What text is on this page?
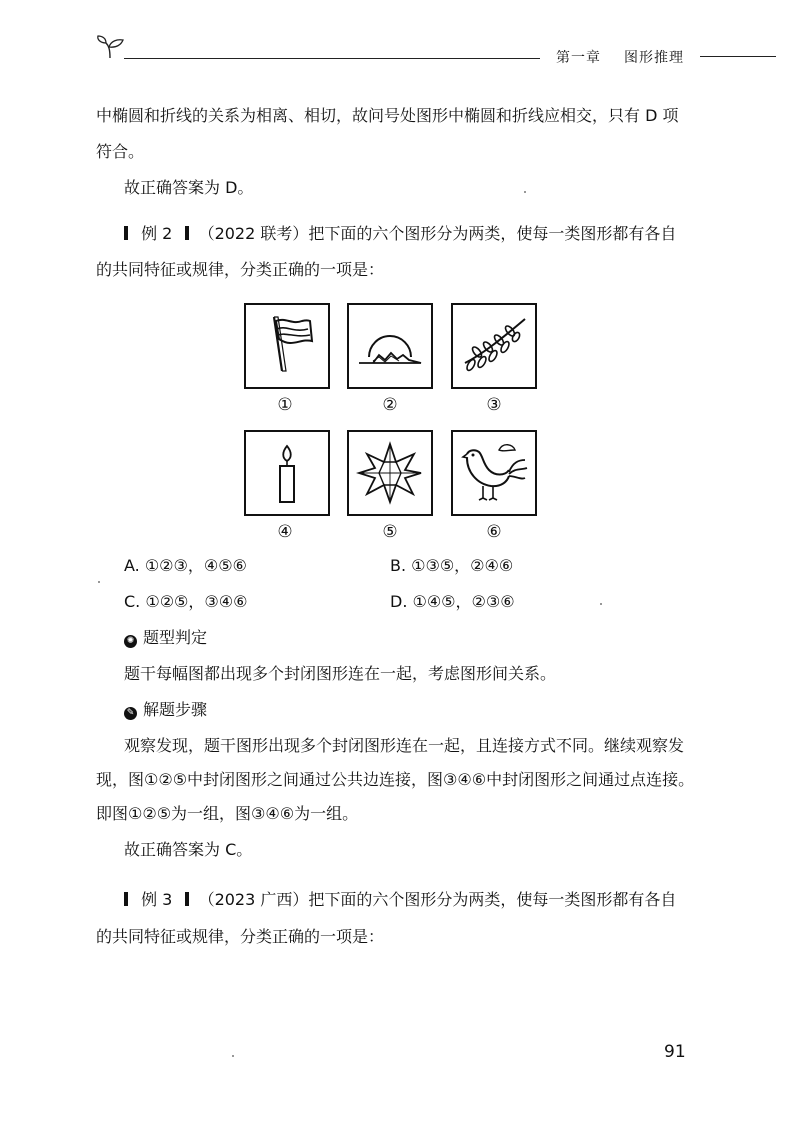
第一章 图形推理
中椭圆和折线的关系为相离、相切，故问号处图形中椭圆和折线应相交，只有 D 项
符合。
故正确答案为 D。
例 2 （2022 联考）把下面的六个图形分为两类，使每一类图形都有各自
的共同特征或规律，分类正确的一项是：
①	②	③
④	⑤	⑥
A. ①②③，④⑤⑥	B. ①③⑤，②④⑥
C. ①②⑤，③④⑥	D. ①④⑤，②③⑥
✺ 题型判定
题干每幅图都出现多个封闭图形连在一起，考虑图形间关系。
✎ 解题步骤
观察发现，题干图形出现多个封闭图形连在一起，且连接方式不同。继续观察发
现，图①②⑤中封闭图形之间通过公共边连接，图③④⑥中封闭图形之间通过点连接。
即图①②⑤为一组，图③④⑥为一组。
故正确答案为 C。
例 3 （2023 广西）把下面的六个图形分为两类，使每一类图形都有各自
的共同特征或规律，分类正确的一项是：
91
